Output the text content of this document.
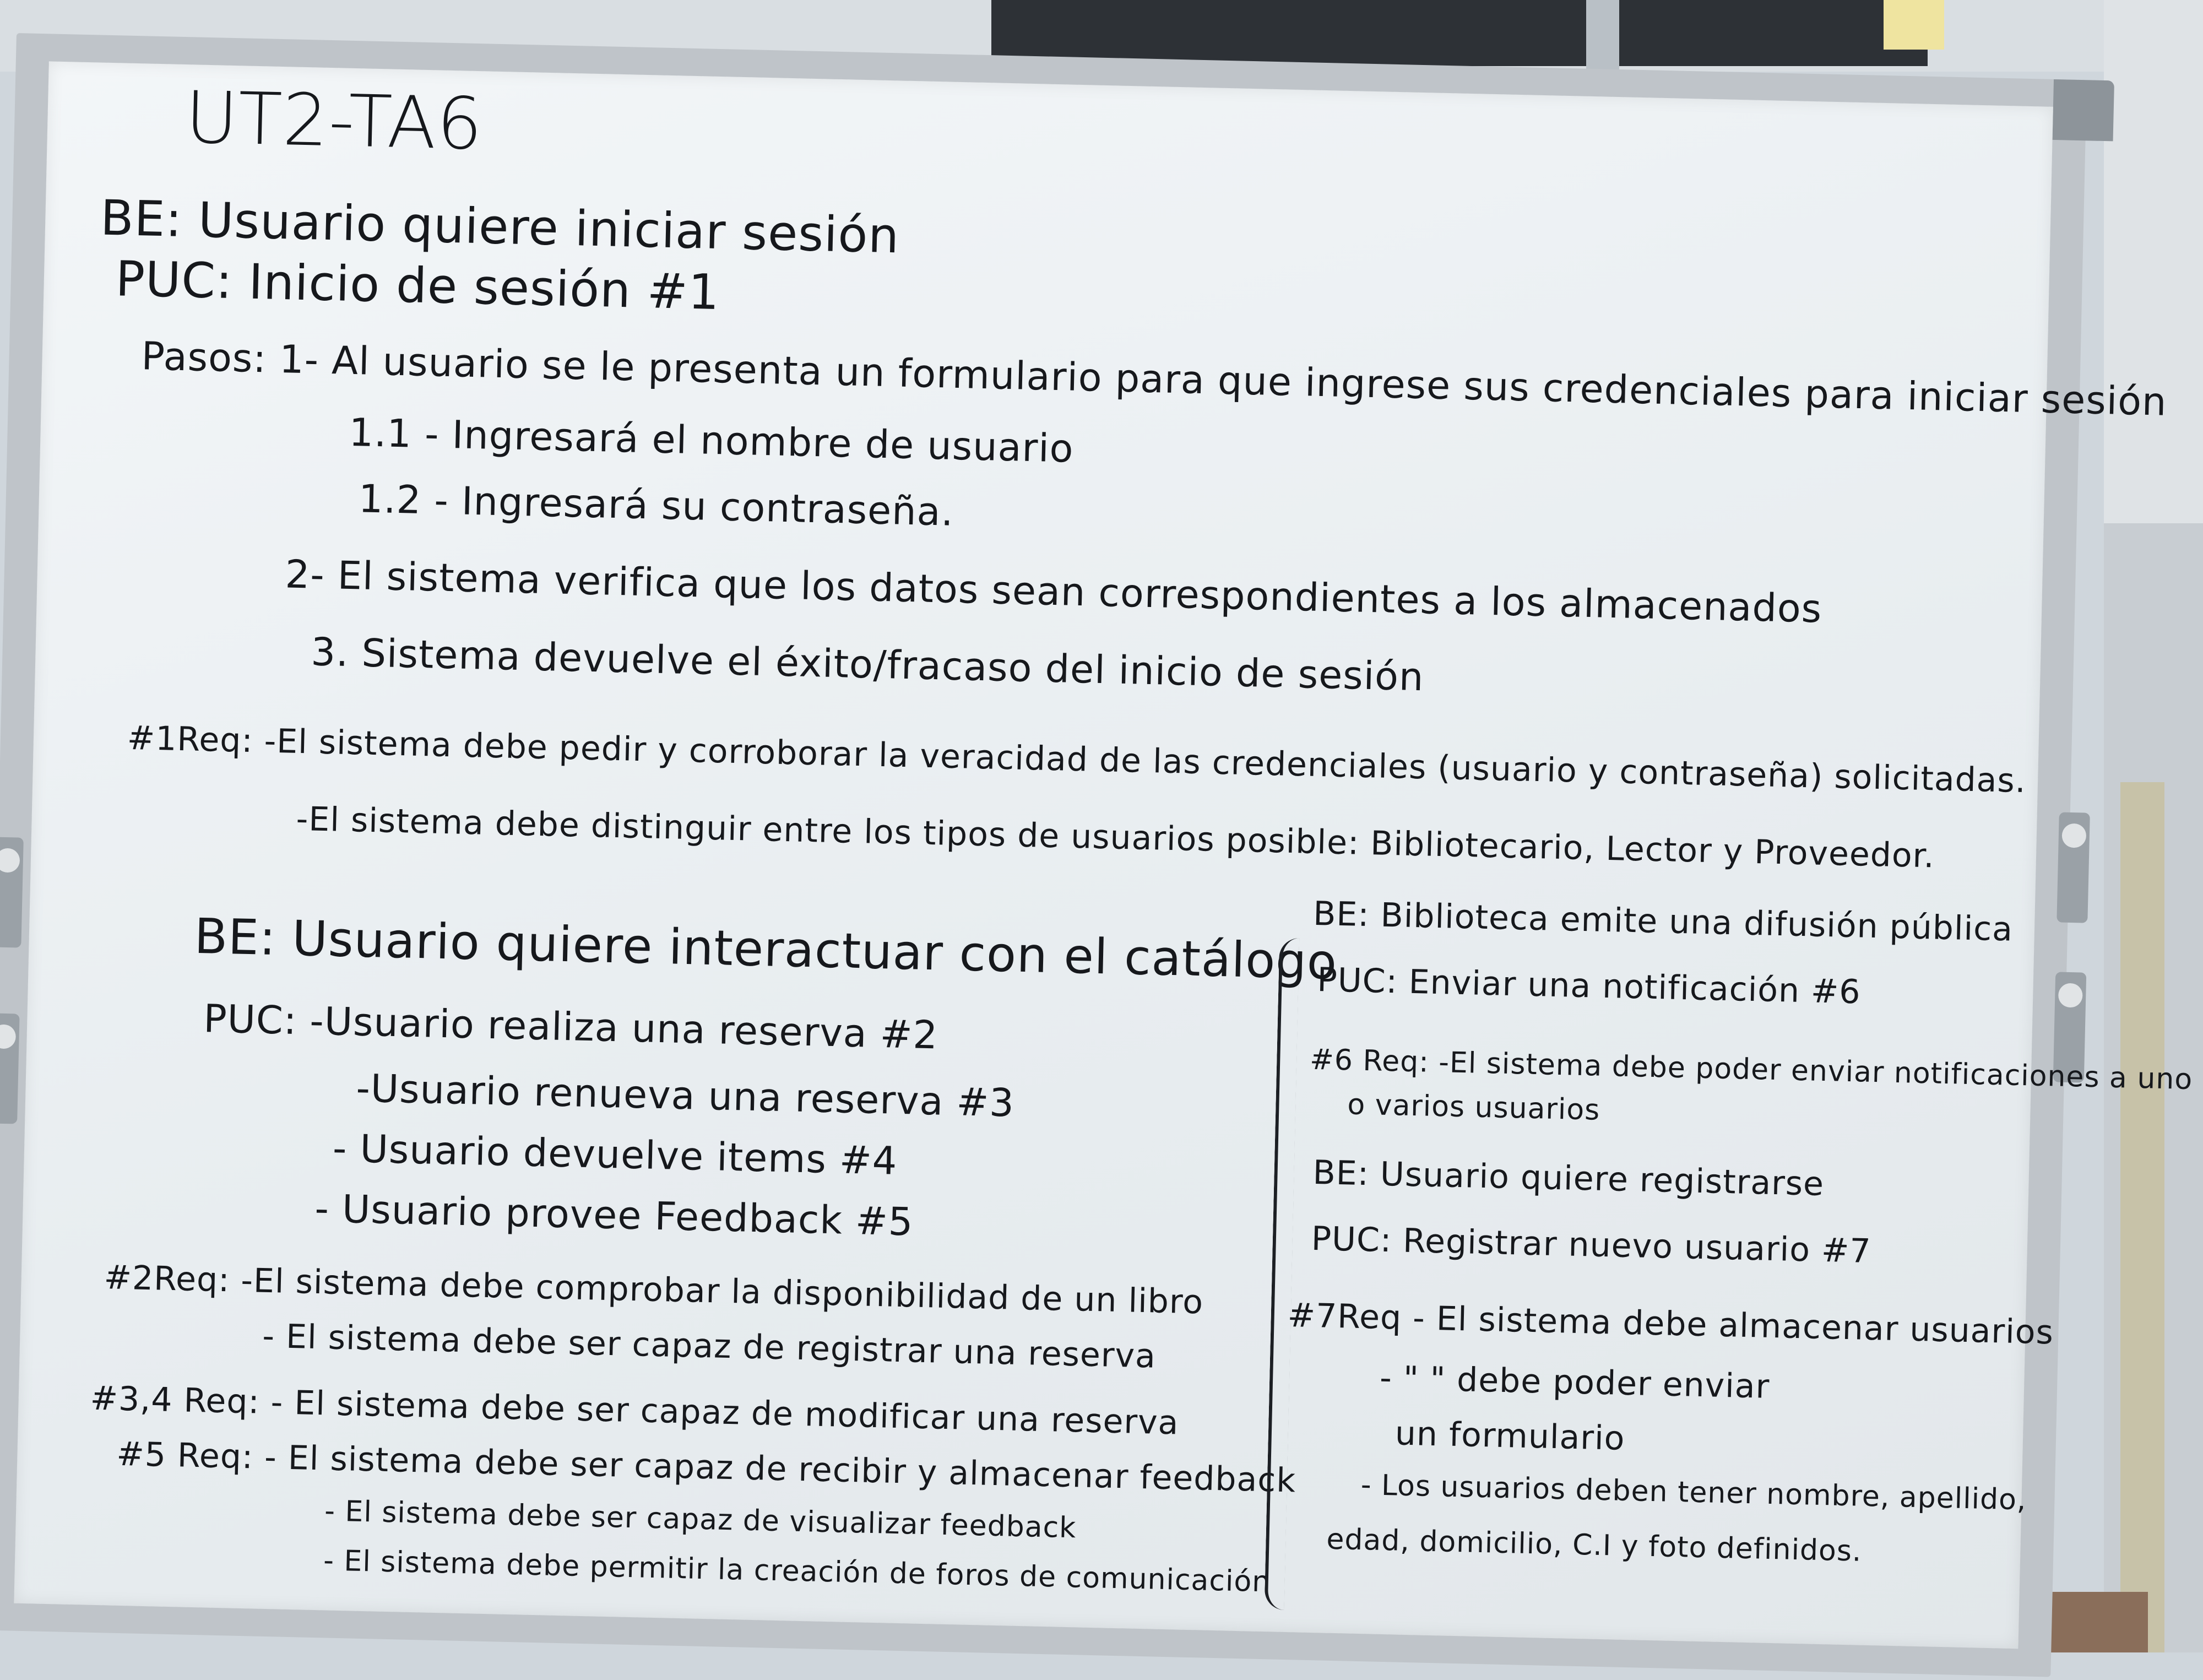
UT2-TA6
BE: Usuario quiere iniciar sesión
PUC: Inicio de sesión #1
Pasos: 1- Al usuario se le presenta un formulario para que ingrese sus credenciales para iniciar sesión
1.1 - Ingresará el nombre de usuario
1.2 - Ingresará su contraseña.
2- El sistema verifica que los datos sean correspondientes a los almacenados
3. Sistema devuelve el éxito/fracaso del inicio de sesión
#1Req: -El sistema debe pedir y corroborar la veracidad de las credenciales (usuario y contraseña) solicitadas.
-El sistema debe distinguir entre los tipos de usuarios posible: Bibliotecario, Lector y Proveedor.
BE: Usuario quiere interactuar con el catálogo
PUC: -Usuario realiza una reserva #2
-Usuario renueva una reserva #3
- Usuario devuelve items #4
- Usuario provee Feedback #5
#2Req: -El sistema debe comprobar la disponibilidad de un libro
- El sistema debe ser capaz de registrar una reserva
#3,4 Req: - El sistema debe ser capaz de modificar una reserva
#5 Req: - El sistema debe ser capaz de recibir y almacenar feedback
- El sistema debe ser capaz de visualizar feedback
- El sistema debe permitir la creación de foros de comunicación
BE: Biblioteca emite una difusión pública
PUC: Enviar una notificación #6
#6 Req: -El sistema debe poder enviar notificaciones a uno
o varios usuarios
BE: Usuario quiere registrarse
PUC: Registrar nuevo usuario #7
#7Req - El sistema debe almacenar usuarios
- " " debe poder enviar
un formulario
- Los usuarios deben tener nombre, apellido,
edad, domicilio, C.I y foto definidos.
